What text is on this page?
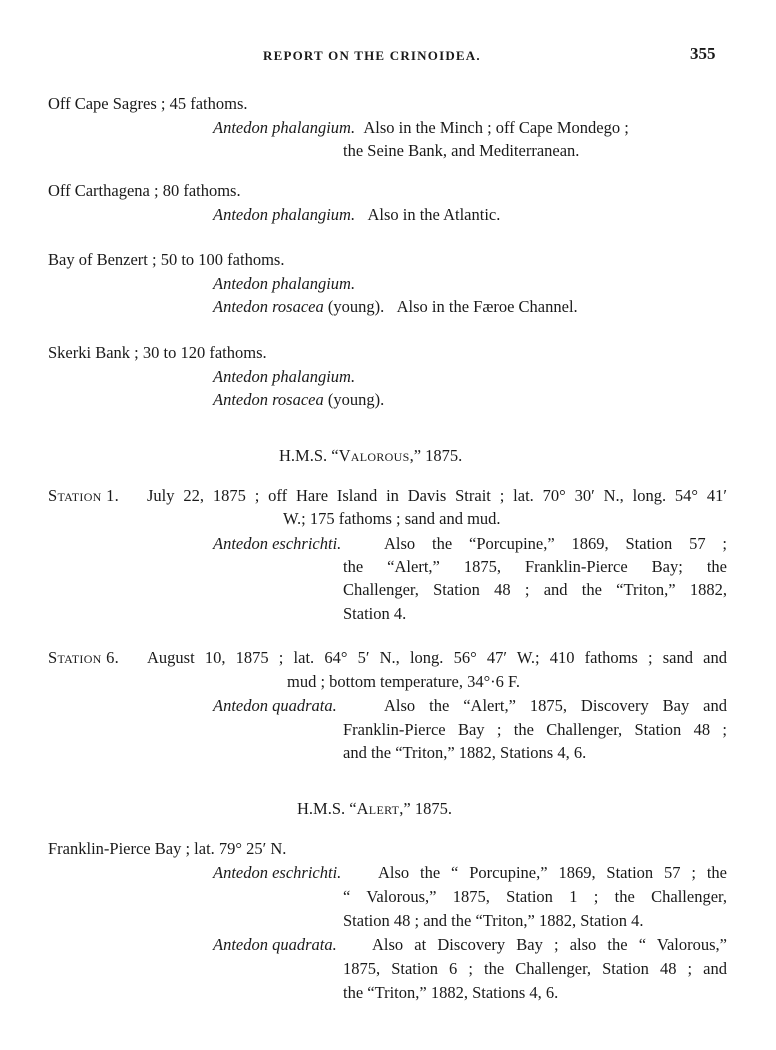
REPORT ON THE CRINOIDEA.	355
Off Cape Sagres ; 45 fathoms.
Antedon phalangium. Also in the Minch ; off Cape Mondego ;
the Seine Bank, and Mediterranean.
Off Carthagena ; 80 fathoms.
Antedon phalangium. Also in the Atlantic.
Bay of Benzert ; 50 to 100 fathoms.
Antedon phalangium.
Antedon rosacea (young). Also in the Færoe Channel.
Skerki Bank ; 30 to 120 fathoms.
Antedon phalangium.
Antedon rosacea (young).
H.M.S. “Valorous,” 1875.
Station 1. July 22, 1875 ; off Hare Island in Davis Strait ; lat. 70° 30′ N., long. 54° 41′
W.; 175 fathoms ; sand and mud.
Antedon eschrichti.	Also the “Porcupine,” 1869, Station 57 ;
the “Alert,” 1875, Franklin-Pierce Bay; the
Challenger, Station 48 ; and the “Triton,” 1882,
Station 4.
Station 6. August 10, 1875 ; lat. 64° 5′ N., long. 56° 47′ W.; 410 fathoms ; sand and
mud ; bottom temperature, 34°·6 F.
Antedon quadrata.	Also the “Alert,” 1875, Discovery Bay and
Franklin-Pierce Bay ; the Challenger, Station 48 ;
and the “Triton,” 1882, Stations 4, 6.
H.M.S. “Alert,” 1875.
Franklin-Pierce Bay ; lat. 79° 25′ N.
Antedon eschrichti. Also the “ Porcupine,” 1869, Station 57 ; the
“ Valorous,” 1875, Station 1 ; the Challenger,
Station 48 ; and the “Triton,” 1882, Station 4.
Antedon quadrata. Also at Discovery Bay ; also the “ Valorous,”
1875, Station 6 ; the Challenger, Station 48 ; and
the “Triton,” 1882, Stations 4, 6.
